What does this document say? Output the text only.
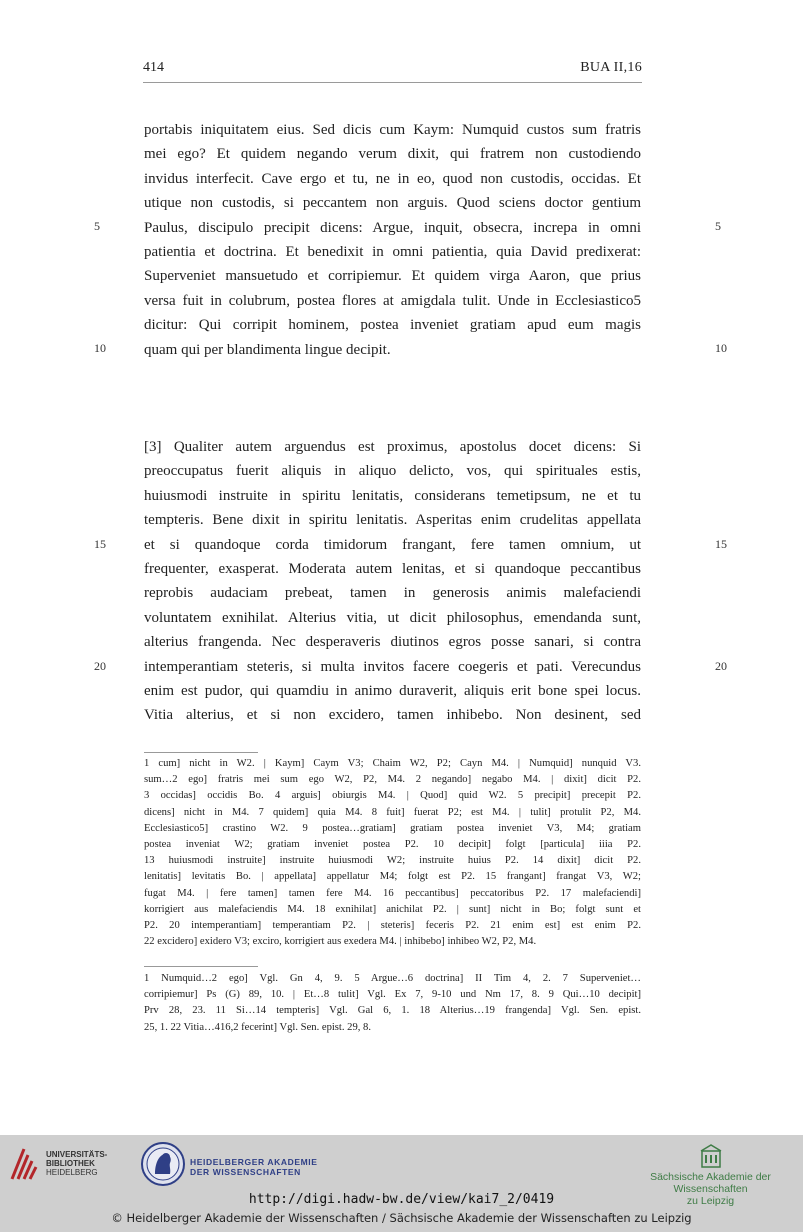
414	BUA II,16
portabis iniquitatem eius. Sed dicis cum Kaym: Numquid custos sum fratris
mei ego? Et quidem negando verum dixit, qui fratrem non custodiendo
invidus interfecit. Cave ergo et tu, ne in eo, quod non custodis, occidas. Et
utique non custodis, si peccantem non arguis. Quod sciens doctor gentium
Paulus, discipulo precipit dicens: Argue, inquit, obsecra, increpa in omni
patientia et doctrina. Et benedixit in omni patientia, quia David predixerat:
Superveniet mansuetudo et corripiemur. Et quidem virga Aaron, que prius
versa fuit in colubrum, postea flores at amigdala tulit. Unde in Ecclesiastico5
dicitur: Qui corripit hominem, postea inveniet gratiam apud eum magis
quam qui per blandimenta lingue decipit.
5	5
10	10
[3] Qualiter autem arguendus est proximus, apostolus docet dicens: Si
preoccupatus fuerit aliquis in aliquo delicto, vos, qui spirituales estis,
huiusmodi instruite in spiritu lenitatis, considerans temetipsum, ne et tu
tempteris. Bene dixit in spiritu lenitatis. Asperitas enim crudelitas appellata
et si quandoque corda timidorum frangant, fere tamen omnium, ut
frequenter, exasperat. Moderata autem lenitas, et si quandoque peccantibus
reprobis audaciam prebeat, tamen in generosis animis malefaciendi
voluntatem exnihilat. Alterius vitia, ut dicit philosophus, emendanda sunt,
alterius frangenda. Nec desperaveris diutinos egros posse sanari, si contra
intemperantiam steteris, si multa invitos facere coegeris et pati. Verecundus
enim est pudor, qui quamdiu in animo duraverit, aliquis erit bone spei locus.
Vitia alterius, et si non excidero, tamen inhibebo. Non desinent, sed
15	15
20	20
1 cum] nicht in W2. | Kaym] Caym V3; Chaim W2, P2; Cayn M4. | Numquid] nunquid V3.
sum…2 ego] fratris mei sum ego W2, P2, M4. 2 negando] negabo M4. | dixit] dicit P2.
3 occidas] occidis Bo. 4 arguis] obiurgis M4. | Quod] quid W2. 5 precipit] precepit P2.
dicens] nicht in M4. 7 quidem] quia M4. 8 fuit] fuerat P2; est M4. | tulit] protulit P2, M4.
Ecclesiastico5] crastino W2. 9 postea…gratiam] gratiam postea inveniet V3, M4; gratiam
postea inveniat W2; gratiam inveniet postea P2. 10 decipit] folgt [particula] iiia P2.
13 huiusmodi instruite] instruite huiusmodi W2; instruite huius P2. 14 dixit] dicit P2.
lenitatis] levitatis Bo. | appellata] appellatur M4; folgt est P2. 15 frangant] frangat V3, W2;
fugat M4. | fere tamen] tamen fere M4. 16 peccantibus] peccatoribus P2. 17 malefaciendi]
korrigiert aus malefaciendis M4. 18 exnihilat] anichilat P2. | sunt] nicht in Bo; folgt sunt et
P2. 20 intemperantiam] temperantiam P2. | steteris] feceris P2. 21 enim est] est enim P2.
22 excidero] exidero V3; exciro, korrigiert aus exedera M4. | inhibebo] inhibeo W2, P2, M4.
1 Numquid…2 ego] Vgl. Gn 4, 9. 5 Argue…6 doctrina] II Tim 4, 2. 7 Superveniet…
corripiemur] Ps (G) 89, 10. | Et…8 tulit] Vgl. Ex 7, 9-10 und Nm 17, 8. 9 Qui…10 decipit]
Prv 28, 23. 11 Si…14 tempteris] Vgl. Gal 6, 1. 18 Alterius…19 frangenda] Vgl. Sen. epist.
25, 1. 22 Vitia…416,2 fecerint] Vgl. Sen. epist. 29, 8.
UNIVERSITÄTS-
BIBLIOTHEK
HEIDELBERG
HEIDELBERGER AKADEMIE
DER WISSENSCHAFTEN	Sächsische Akademie der Wissenschaften
zu Leipzig
http://digi.hadw-bw.de/view/kai7_2/0419
© Heidelberger Akademie der Wissenschaften / Sächsische Akademie der Wissenschaften zu Leipzig
